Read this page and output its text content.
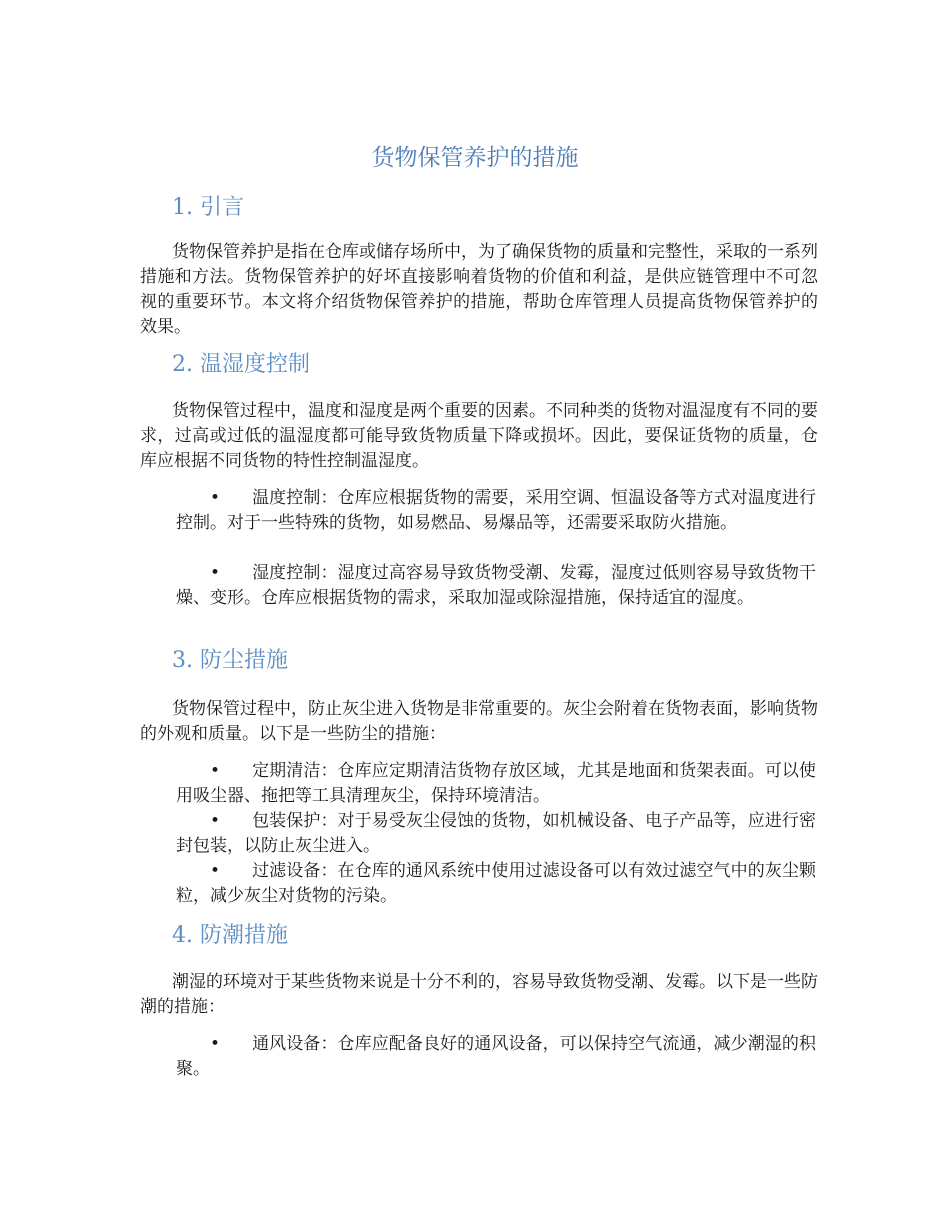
货物保管养护的措施
1. 引言

货物保管养护是指在仓库或储存场所中，为了确保货物的质量和完整性，采取的一系列措施和方法。货物保管养护的好坏直接影响着货物的价值和利益，是供应链管理中不可忽视的重要环节。本文将介绍货物保管养护的措施，帮助仓库管理人员提高货物保管养护的效果。

2. 温湿度控制

货物保管过程中，温度和湿度是两个重要的因素。不同种类的货物对温湿度有不同的要求，过高或过低的温湿度都可能导致货物质量下降或损坏。因此，要保证货物的质量，仓库应根据不同货物的特性控制温湿度。

• 温度控制：仓库应根据货物的需要，采用空调、恒温设备等方式对温度进行控制。对于一些特殊的货物，如易燃品、易爆品等，还需要采取防火措施。

• 湿度控制：湿度过高容易导致货物受潮、发霉，湿度过低则容易导致货物干燥、变形。仓库应根据货物的需求，采取加湿或除湿措施，保持适宜的湿度。

3. 防尘措施

货物保管过程中，防止灰尘进入货物是非常重要的。灰尘会附着在货物表面，影响货物的外观和质量。以下是一些防尘的措施：

• 定期清洁：仓库应定期清洁货物存放区域，尤其是地面和货架表面。可以使用吸尘器、拖把等工具清理灰尘，保持环境清洁。

• 包装保护：对于易受灰尘侵蚀的货物，如机械设备、电子产品等，应进行密封包装，以防止灰尘进入。

• 过滤设备：在仓库的通风系统中使用过滤设备可以有效过滤空气中的灰尘颗粒，减少灰尘对货物的污染。

4. 防潮措施

潮湿的环境对于某些货物来说是十分不利的，容易导致货物受潮、发霉。以下是一些防潮的措施：

• 通风设备：仓库应配备良好的通风设备，可以保持空气流通，减少潮湿的积聚。
